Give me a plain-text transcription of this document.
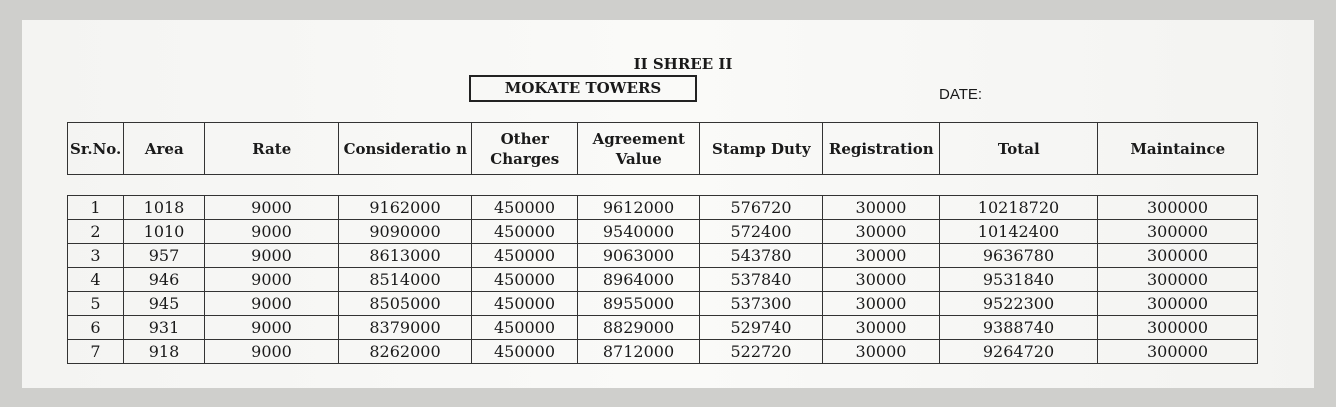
II SHREE II
MOKATE TOWERS	DATE:
Sr.No.	Area	Rate	Consideratio n	Other Charges	Agreement Value	Stamp Duty	Registration	Total	Maintaince
1	1018	9000	9162000	450000	9612000	576720	30000	10218720	300000
2	1010	9000	9090000	450000	9540000	572400	30000	10142400	300000
3	957	9000	8613000	450000	9063000	543780	30000	9636780	300000
4	946	9000	8514000	450000	8964000	537840	30000	9531840	300000
5	945	9000	8505000	450000	8955000	537300	30000	9522300	300000
6	931	9000	8379000	450000	8829000	529740	30000	9388740	300000
7	918	9000	8262000	450000	8712000	522720	30000	9264720	300000
